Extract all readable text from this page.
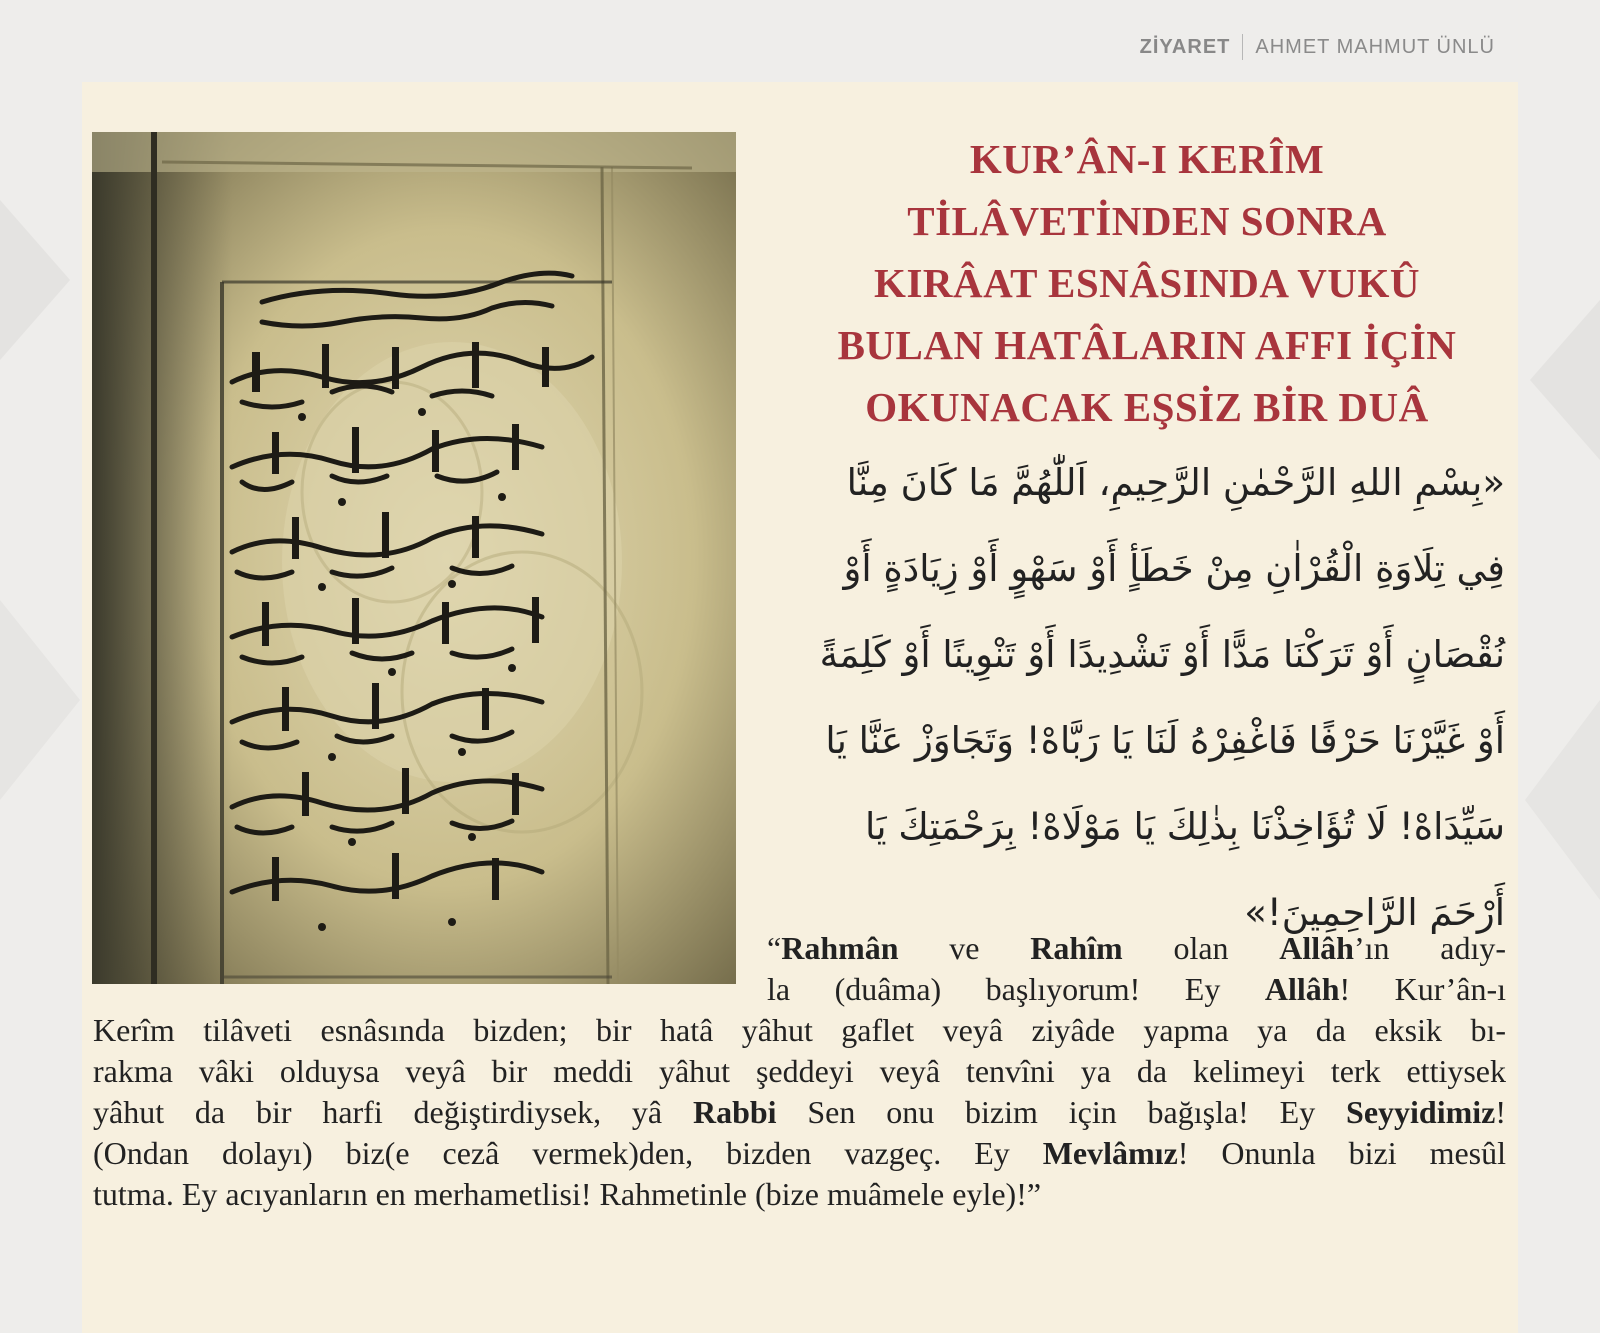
ZİYARET AHMET MAHMUT ÜNLÜ
KUR’ÂN-I KERÎM
TİLÂVETİNDEN SONRA
KIRÂAT ESNÂSINDA VUKÛ
BULAN HATÂLARIN AFFI İÇİN
OKUNACAK EŞSİZ BİR DUÂ
«بِسْمِ اللهِ الرَّحْمٰنِ الرَّحِيمِ، اَللّٰهُمَّ مَا كَانَ مِنَّا
فِي تِلَاوَةِ الْقُرْاٰنِ مِنْ خَطَأٍ أَوْ سَهْوٍ أَوْ زِيَادَةٍ أَوْ
نُقْصَانٍ أَوْ تَرَكْنَا مَدًّا أَوْ تَشْدِيدًا أَوْ تَنْوِينًا أَوْ كَلِمَةً
أَوْ غَيَّرْنَا حَرْفًا فَاغْفِرْهُ لَنَا يَا رَبَّاهْ! وَتَجَاوَزْ عَنَّا يَا
سَيِّدَاهْ! لَا تُؤَاخِذْنَا بِذٰلِكَ يَا مَوْلَاهْ! بِرَحْمَتِكَ يَا
أَرْحَمَ الرَّاحِمِينَ!»

“Rahmân ve Rahîm olan Allâh’ın adıy-
la (duâma) başlıyorum! Ey Allâh! Kur’ân-ı
Kerîm tilâveti esnâsında bizden; bir hatâ yâhut gaflet veyâ ziyâde yapma ya da eksik bı-
rakma vâki olduysa veyâ bir meddi yâhut şeddeyi veyâ tenvîni ya da kelimeyi terk ettiysek
yâhut da bir harfi değiştirdiysek, yâ Rabbi Sen onu bizim için bağışla! Ey Seyyidimiz!
(Ondan dolayı) biz(e cezâ vermek)den, bizden vazgeç. Ey Mevlâmız! Onunla bizi mesûl
tutma. Ey acıyanların en merhametlisi! Rahmetinle (bize muâmele eyle)!”
